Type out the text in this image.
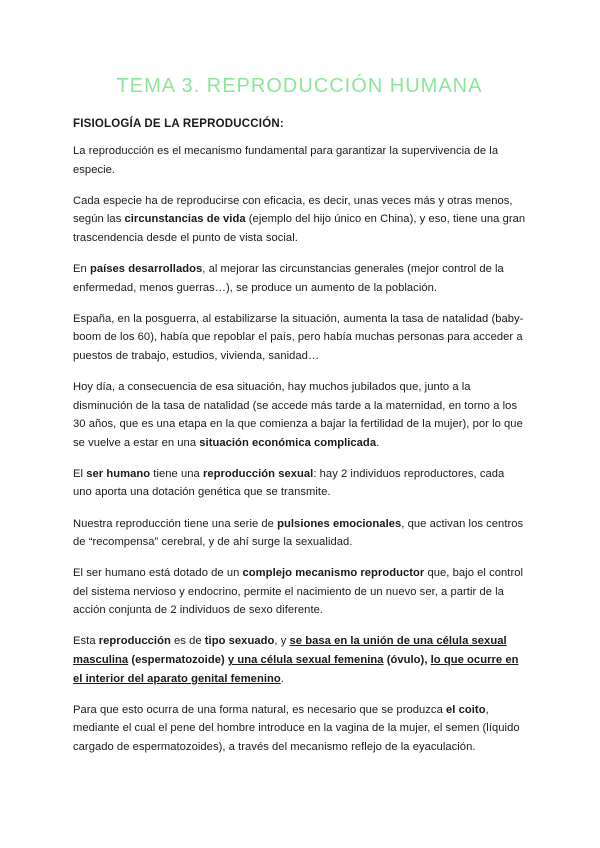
TEMA 3. REPRODUCCIÓN HUMANA
FISIOLOGÍA DE LA REPRODUCCIÓN:

La reproducción es el mecanismo fundamental para garantizar la supervivencia de la especie.

Cada especie ha de reproducirse con eficacia, es decir, unas veces más y otras menos, según las circunstancias de vida (ejemplo del hijo único en China), y eso, tiene una gran trascendencia desde el punto de vista social.

En países desarrollados, al mejorar las circunstancias generales (mejor control de la enfermedad, menos guerras…), se produce un aumento de la población.

España, en la posguerra, al estabilizarse la situación, aumenta la tasa de natalidad (baby-boom de los 60), había que repoblar el país, pero había muchas personas para acceder a puestos de trabajo, estudios, vivienda, sanidad…

Hoy día, a consecuencia de esa situación, hay muchos jubilados que, junto a la disminución de la tasa de natalidad (se accede más tarde a la maternidad, en torno a los 30 años, que es una etapa en la que comienza a bajar la fertilidad de la mujer), por lo que se vuelve a estar en una situación económica complicada.

El ser humano tiene una reproducción sexual: hay 2 individuos reproductores, cada uno aporta una dotación genética que se transmite.

Nuestra reproducción tiene una serie de pulsiones emocionales, que activan los centros de “recompensa” cerebral, y de ahí surge la sexualidad.

El ser humano está dotado de un complejo mecanismo reproductor que, bajo el control del sistema nervioso y endocrino, permite el nacimiento de un nuevo ser, a partir de la acción conjunta de 2 individuos de sexo diferente.

Esta reproducción es de tipo sexuado, y se basa en la unión de una célula sexual masculina (espermatozoide) y una célula sexual femenina (óvulo), lo que ocurre en el interior del aparato genital femenino.

Para que esto ocurra de una forma natural, es necesario que se produzca el coito, mediante el cual el pene del hombre introduce en la vagina de la mujer, el semen (líquido cargado de espermatozoides), a través del mecanismo reflejo de la eyaculación.
